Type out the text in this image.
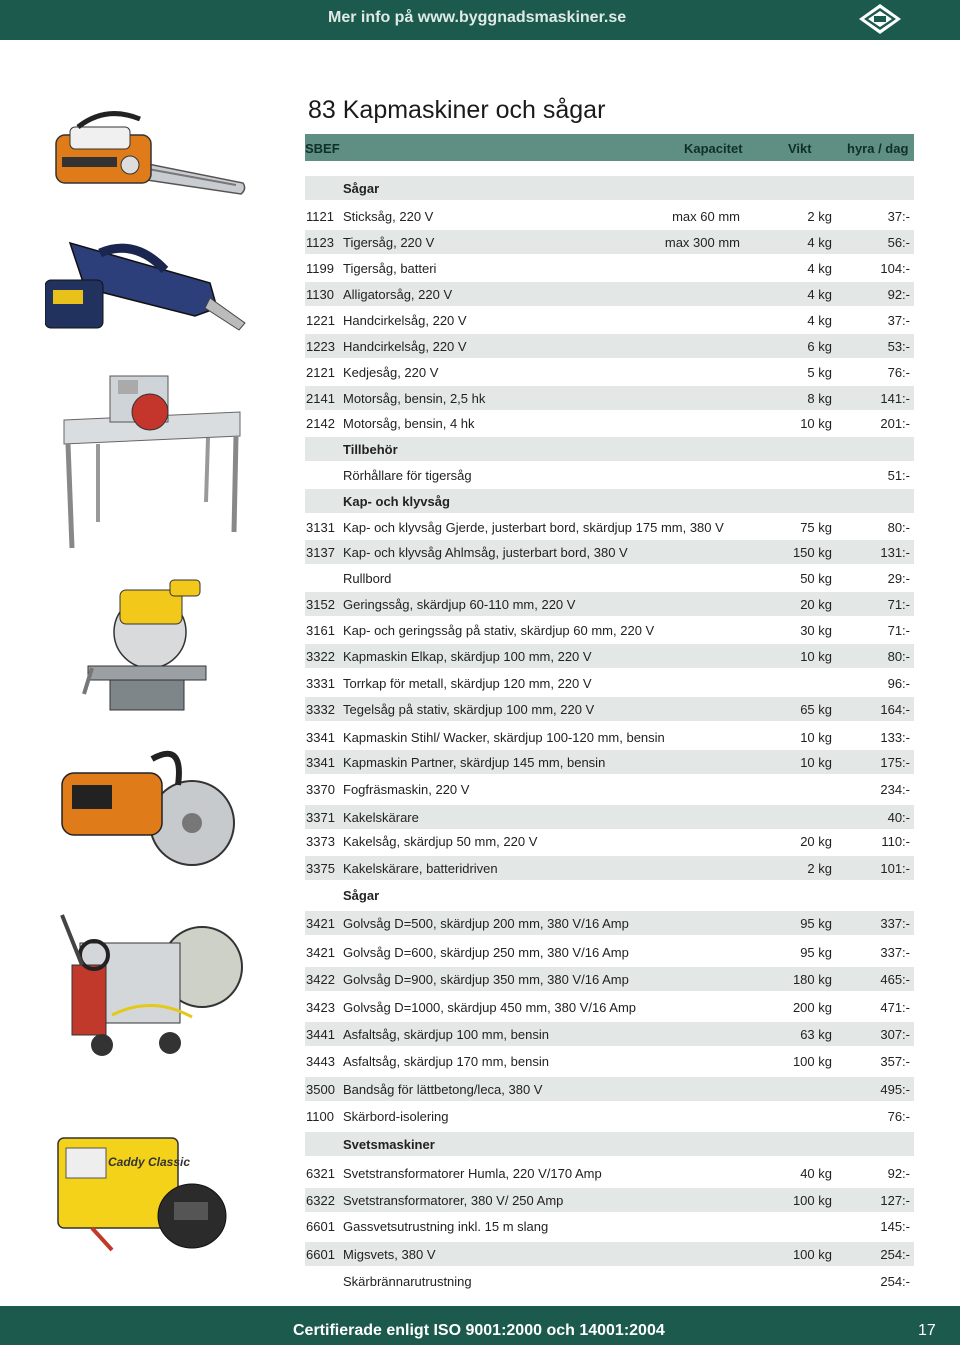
Mer info på www.byggnadsmaskiner.se
83 Kapmaskiner och sågar
SBEF	Kapacitet	Vikt	hyra / dag
Sågar
1121 Sticksåg, 220 V	max 60 mm	2 kg	37:-
1123 Tigersåg, 220 V	max 300 mm	4 kg	56:-
1199 Tigersåg, batteri	4 kg	104:-
1130 Alligatorsåg, 220 V	4 kg	92:-
1221 Handcirkelsåg, 220 V	4 kg	37:-
1223 Handcirkelsåg, 220 V	6 kg	53:-
2121 Kedjesåg, 220 V	5 kg	76:-
2141 Motorsåg, bensin, 2,5 hk	8 kg	141:-
2142 Motorsåg, bensin, 4 hk	10 kg	201:-
Tillbehör
Rörhållare för tigersåg	51:-
Kap- och klyvsåg
3131 Kap- och klyvsåg Gjerde, justerbart bord, skärdjup 175 mm, 380 V	75 kg	80:-
3137 Kap- och klyvsåg Ahlmsåg, justerbart bord, 380 V	150 kg	131:-
Rullbord	50 kg	29:-
3152 Geringssåg, skärdjup 60-110 mm, 220 V	20 kg	71:-
3161 Kap- och geringssåg på stativ, skärdjup 60 mm, 220 V	30 kg	71:-
3322 Kapmaskin Elkap, skärdjup 100 mm, 220 V	10 kg	80:-
3331 Torrkap för metall, skärdjup 120 mm, 220 V	96:-
3332 Tegelsåg på stativ, skärdjup 100 mm, 220 V	65 kg	164:-
3341 Kapmaskin Stihl/ Wacker, skärdjup 100-120 mm, bensin	10 kg	133:-
3341 Kapmaskin Partner, skärdjup 145 mm, bensin	10 kg	175:-
3370 Fogfräsmaskin, 220 V	234:-
3371 Kakelskärare	40:-
3373 Kakelsåg, skärdjup 50 mm, 220 V	20 kg	110:-
3375 Kakelskärare, batteridriven	2 kg	101:-
Sågar
3421 Golvsåg D=500, skärdjup 200 mm, 380 V/16 Amp	95 kg	337:-
3421 Golvsåg D=600, skärdjup 250 mm, 380 V/16 Amp	95 kg	337:-
3422 Golvsåg D=900, skärdjup 350 mm, 380 V/16 Amp	180 kg	465:-
3423 Golvsåg D=1000, skärdjup 450 mm, 380 V/16 Amp	200 kg	471:-
3441 Asfaltsåg, skärdjup 100 mm, bensin	63 kg	307:-
3443 Asfaltsåg, skärdjup 170 mm, bensin	100 kg	357:-
3500 Bandsåg för lättbetong/leca, 380 V	495:-
1100 Skärbord-isolering	76:-
Svetsmaskiner
6321 Svetstransformatorer Humla, 220 V/170 Amp	40 kg	92:-
6322 Svetstransformatorer, 380 V/ 250 Amp	100 kg	127:-
6601 Gassvetsutrustning inkl. 15 m slang	145:-
6601 Migsvets, 380 V	100 kg	254:-
Skärbrännarutrustning	254:-
Caddy Classic
Certifierade enligt ISO 9001:2000 och 14001:2004	17
